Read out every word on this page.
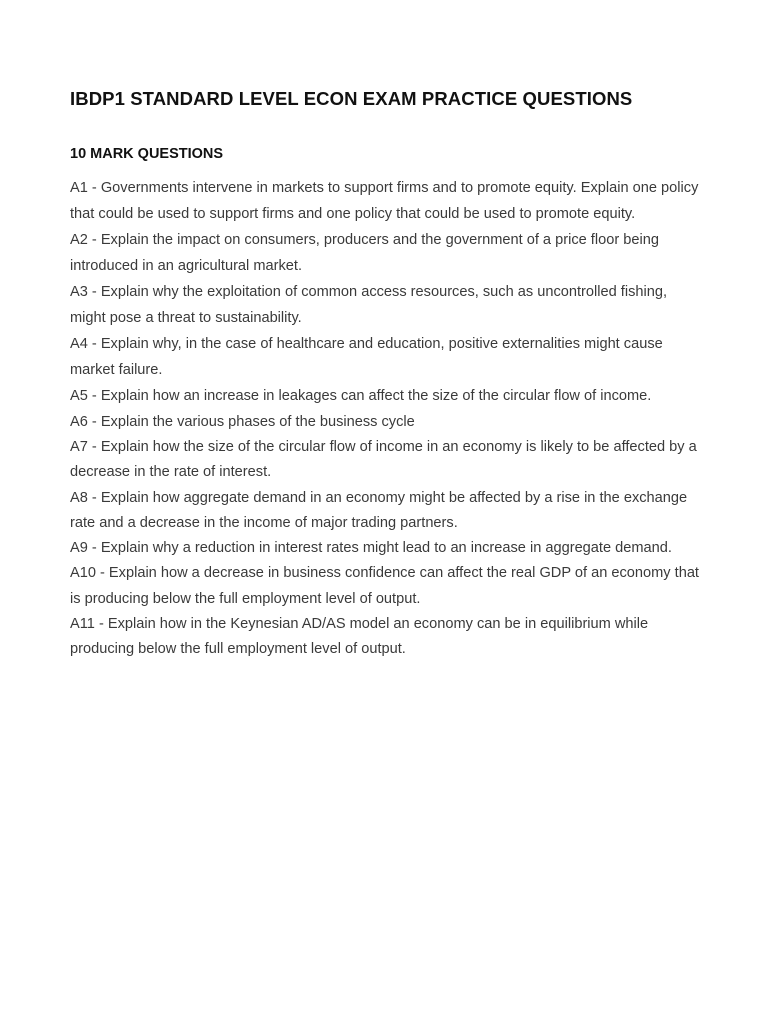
IBDP1 STANDARD LEVEL ECON EXAM PRACTICE QUESTIONS
10 MARK QUESTIONS
A1 - Governments intervene in markets to support firms and to promote equity. Explain one policy that could be used to support firms and one policy that could be used to promote equity.
A2 - Explain the impact on consumers, producers and the government of a price floor being introduced in an agricultural market.
A3 - Explain why the exploitation of common access resources, such as uncontrolled fishing, might pose a threat to sustainability.
A4 - Explain why, in the case of healthcare and education, positive externalities might cause market failure.
A5 - Explain how an increase in leakages can affect the size of the circular flow of income.
A6 - Explain the various phases of the business cycle
A7 - Explain how the size of the circular flow of income in an economy is likely to be affected by a decrease in the rate of interest.
A8 - Explain how aggregate demand in an economy might be affected by a rise in the exchange rate and a decrease in the income of major trading partners.
A9 - Explain why a reduction in interest rates might lead to an increase in aggregate demand.
A10 - Explain how a decrease in business confidence can affect the real GDP of an economy that is producing below the full employment level of output.
A11 - Explain how in the Keynesian AD/AS model an economy can be in equilibrium while producing below the full employment level of output.
